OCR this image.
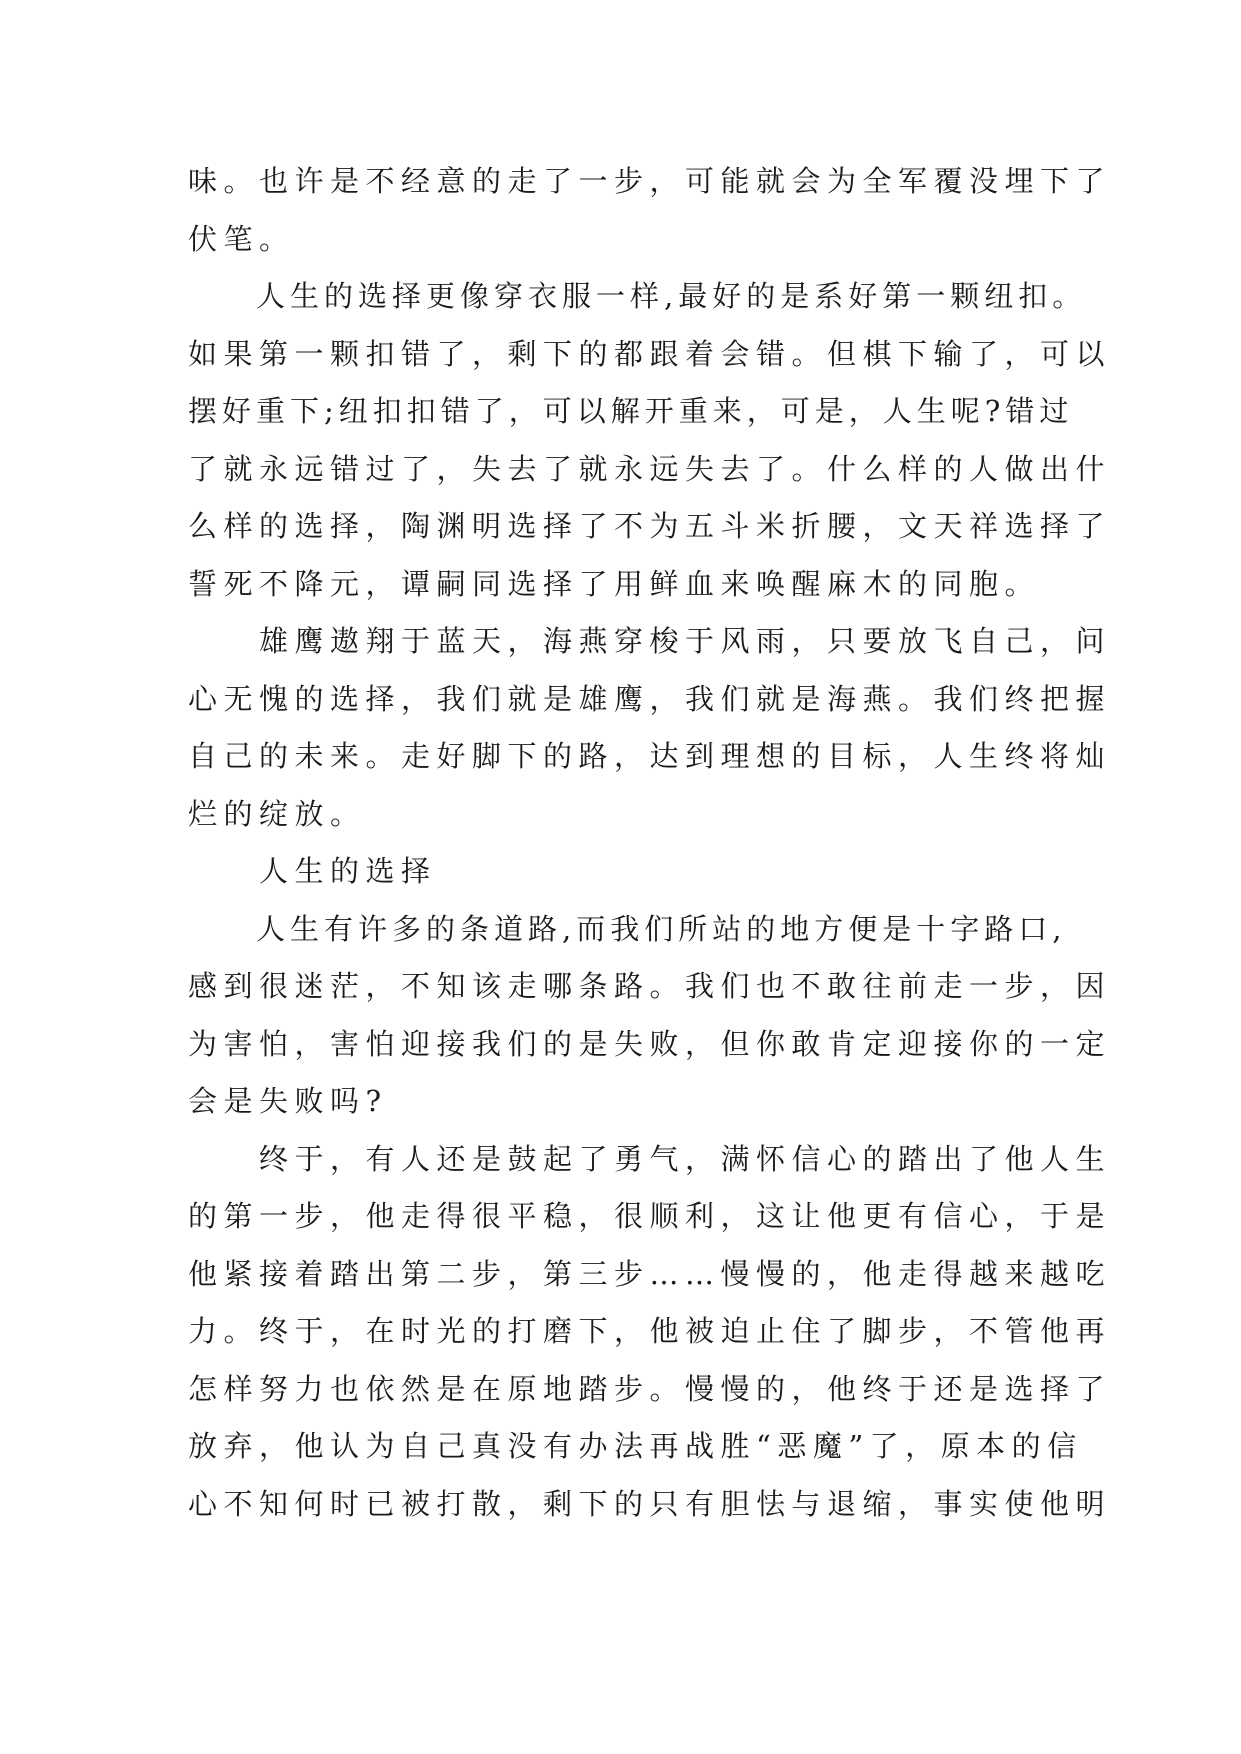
味。也许是不经意的走了一步，可能就会为全军覆没埋下了
伏笔。
　　人生的选择更像穿衣服一样,最好的是系好第一颗纽扣。
如果第一颗扣错了，剩下的都跟着会错。但棋下输了，可以
摆好重下;纽扣扣错了，可以解开重来，可是，人生呢?错过
了就永远错过了，失去了就永远失去了。什么样的人做出什
么样的选择，陶渊明选择了不为五斗米折腰，文天祥选择了
誓死不降元，谭嗣同选择了用鲜血来唤醒麻木的同胞。
　　雄鹰遨翔于蓝天，海燕穿梭于风雨，只要放飞自己，问
心无愧的选择，我们就是雄鹰，我们就是海燕。我们终把握
自己的未来。走好脚下的路，达到理想的目标，人生终将灿
烂的绽放。
　　人生的选择
　　人生有许多的条道路,而我们所站的地方便是十字路口,
感到很迷茫，不知该走哪条路。我们也不敢往前走一步，因
为害怕，害怕迎接我们的是失败，但你敢肯定迎接你的一定
会是失败吗?
　　终于，有人还是鼓起了勇气，满怀信心的踏出了他人生
的第一步，他走得很平稳，很顺利，这让他更有信心，于是
他紧接着踏出第二步，第三步……慢慢的，他走得越来越吃
力。终于，在时光的打磨下，他被迫止住了脚步，不管他再
怎样努力也依然是在原地踏步。慢慢的，他终于还是选择了
放弃，他认为自己真没有办法再战胜“恶魔”了，原本的信
心不知何时已被打散，剩下的只有胆怯与退缩，事实使他明
